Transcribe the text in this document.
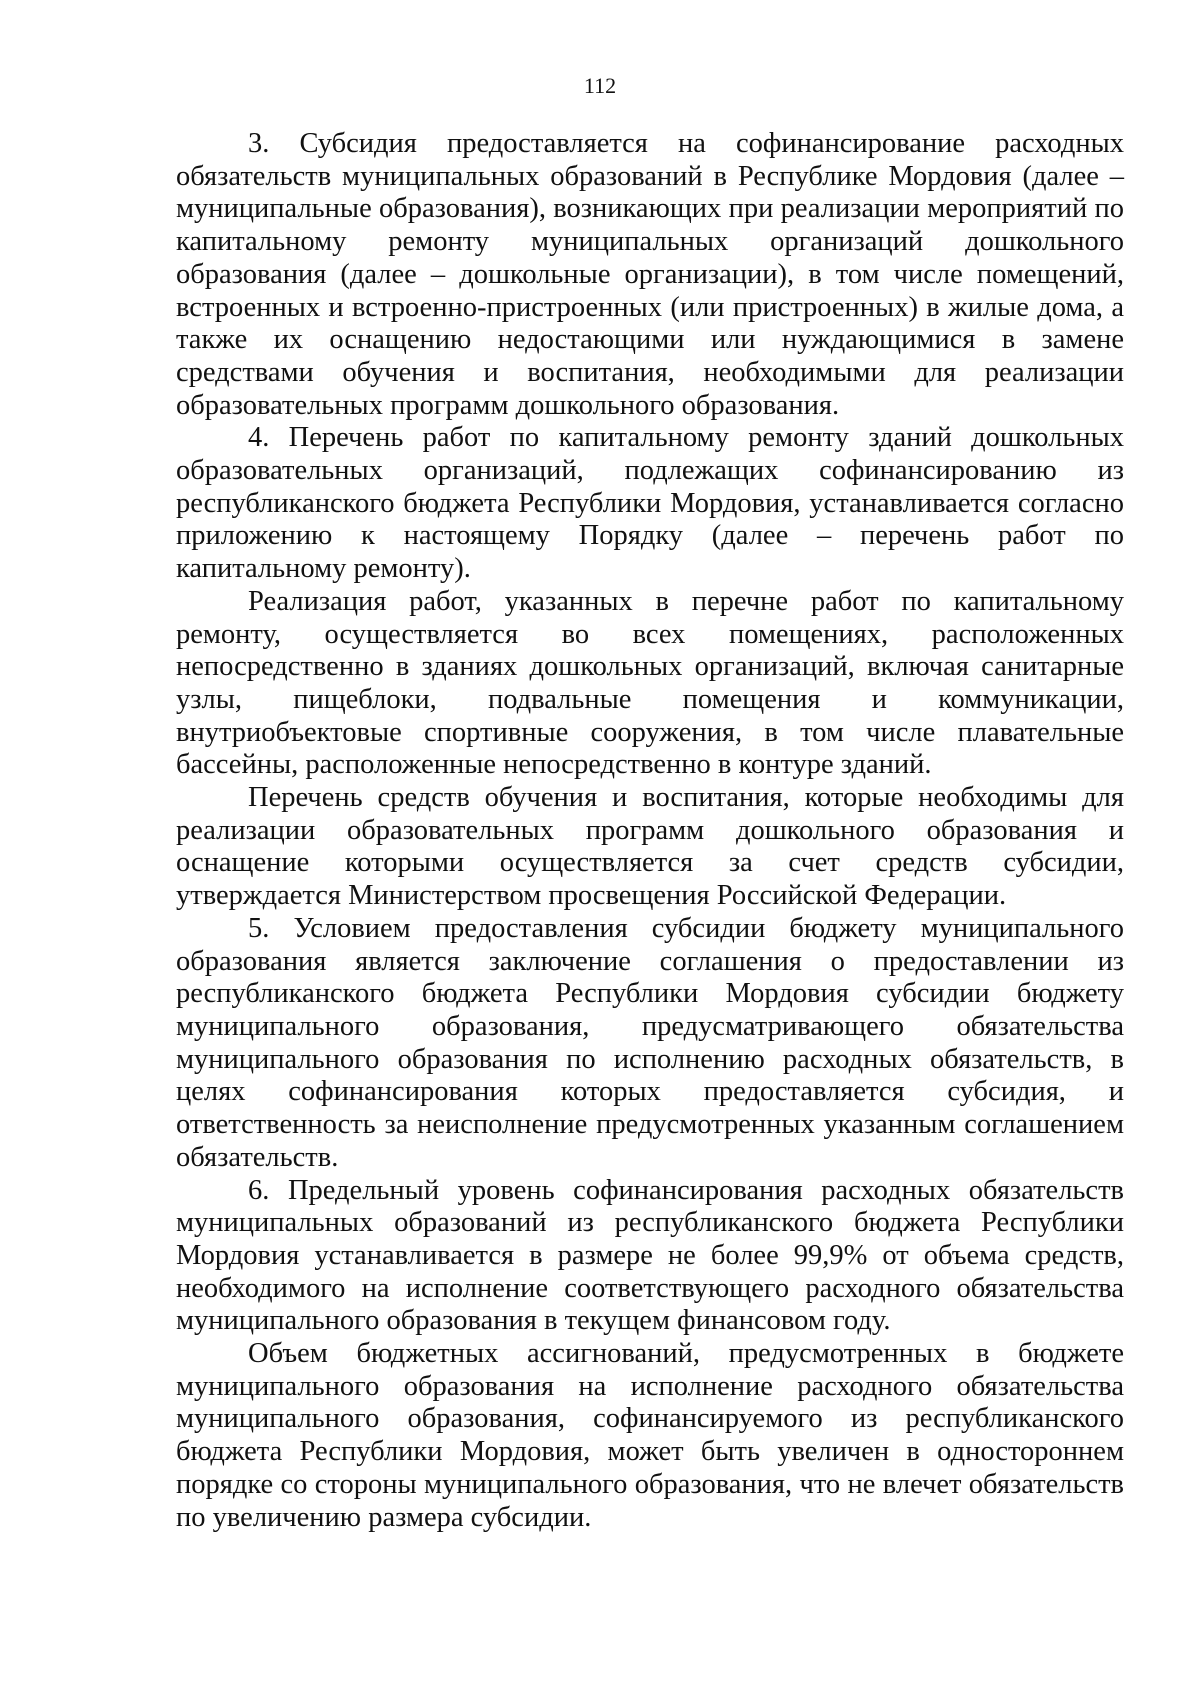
112

3. Субсидия предоставляется на софинансирование расходных обязательств муниципальных образований в Республике Мордовия (далее – муниципальные образования), возникающих при реализации мероприятий по капитальному ремонту муниципальных организаций дошкольного образования (далее – дошкольные организации), в том числе помещений, встроенных и встроенно-пристроенных (или пристроенных) в жилые дома, а также их оснащению недостающими или нуждающимися в замене средствами обучения и воспитания, необходимыми для реализации образовательных программ дошкольного образования.

4. Перечень работ по капитальному ремонту зданий дошкольных образовательных организаций, подлежащих софинансированию из республиканского бюджета Республики Мордовия, устанавливается согласно приложению к настоящему Порядку (далее – перечень работ по капитальному ремонту).

Реализация работ, указанных в перечне работ по капитальному ремонту, осуществляется во всех помещениях, расположенных непосредственно в зданиях дошкольных организаций, включая санитарные узлы, пищеблоки, подвальные помещения и коммуникации, внутриобъектовые спортивные сооружения, в том числе плавательные бассейны, расположенные непосредственно в контуре зданий.

Перечень средств обучения и воспитания, которые необходимы для реализации образовательных программ дошкольного образования и оснащение которыми осуществляется за счет средств субсидии, утверждается Министерством просвещения Российской Федерации.

5. Условием предоставления субсидии бюджету муниципального образования является заключение соглашения о предоставлении из республиканского бюджета Республики Мордовия субсидии бюджету муниципального образования, предусматривающего обязательства муниципального образования по исполнению расходных обязательств, в целях софинансирования которых предоставляется субсидия, и ответственность за неисполнение предусмотренных указанным соглашением обязательств.

6. Предельный уровень софинансирования расходных обязательств муниципальных образований из республиканского бюджета Республики Мордовия устанавливается в размере не более 99,9% от объема средств, необходимого на исполнение соответствующего расходного обязательства муниципального образования в текущем финансовом году.

Объем бюджетных ассигнований, предусмотренных в бюджете муниципального образования на исполнение расходного обязательства муниципального образования, софинансируемого из республиканского бюджета Республики Мордовия, может быть увеличен в одностороннем порядке со стороны муниципального образования, что не влечет обязательств по увеличению размера субсидии.
